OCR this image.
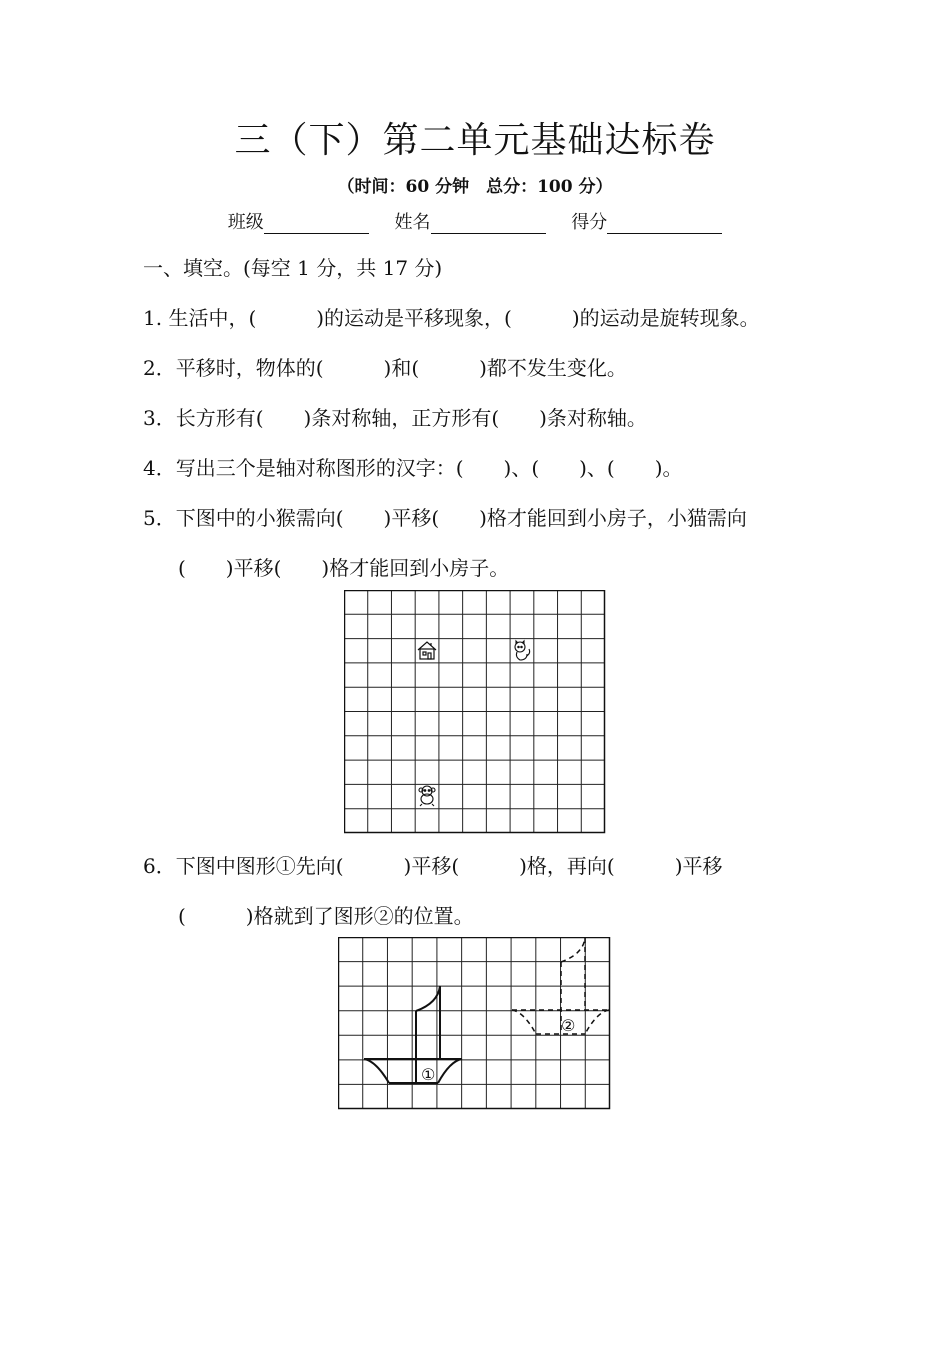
三（下）第二单元基础达标卷
（时间：60 分钟　总分：100 分）
班级	姓名	得分
一、填空。(每空 1 分，共 17 分)
1. 生活中，(　　　)的运动是平移现象，(　　　)的运动是旋转现象。
2．平移时，物体的(　　　)和(　　　)都不发生变化。
3．长方形有(　　)条对称轴，正方形有(　　)条对称轴。
4．写出三个是轴对称图形的汉字：(　　)、(　　)、(　　)。
5．下图中的小猴需向(　　)平移(　　)格才能回到小房子，小猫需向
(　　)平移(　　)格才能回到小房子。
6．下图中图形①先向(　　　)平移(　　　)格，再向(　　　)平移
(　　　)格就到了图形②的位置。
①
②
